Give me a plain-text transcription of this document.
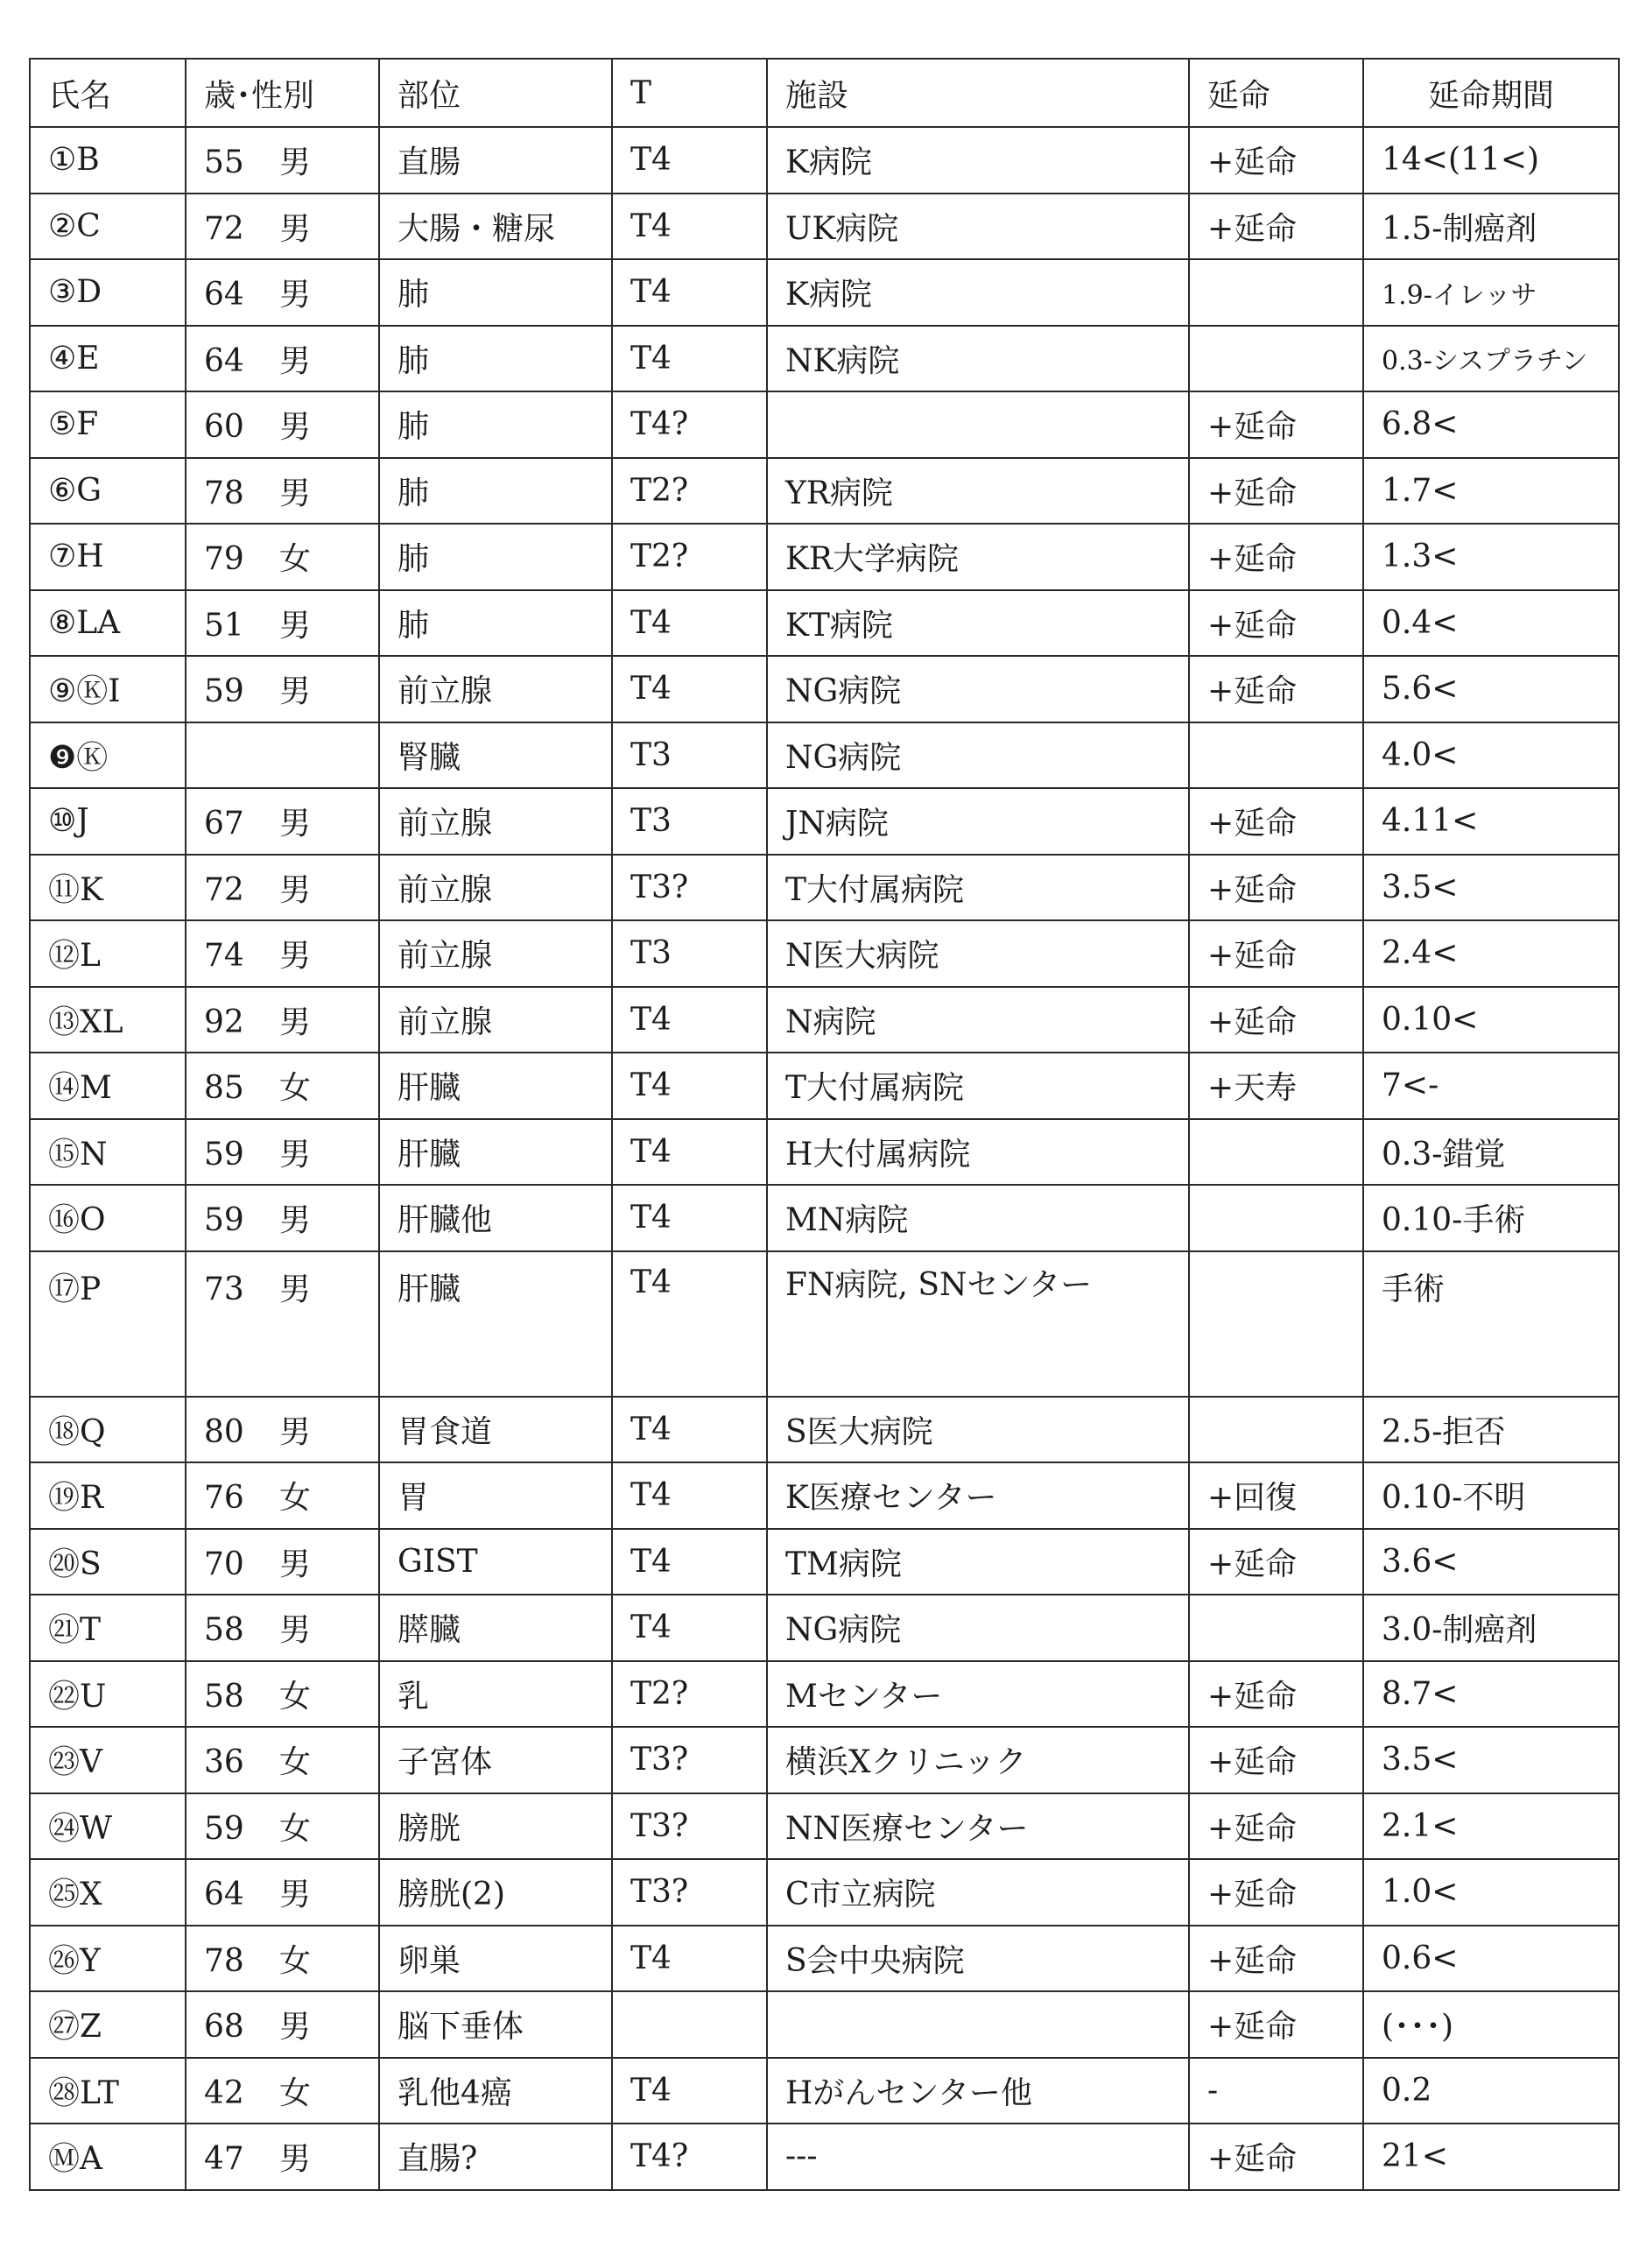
氏名	歳･性別	部位	T	施設	延命	延命期間
①B	55 男	直腸	T4	K病院	+延命	14<(11<)
②C	72 男	大腸・糖尿	T4	UK病院	+延命	1.5-制癌剤
③D	64 男	肺	T4	K病院		1.9-イレッサ
④E	64 男	肺	T4	NK病院		0.3-シスプラチン
⑤F	60 男	肺	T4?		+延命	6.8<
⑥G	78 男	肺	T2?	YR病院	+延命	1.7<
⑦H	79 女	肺	T2?	KR大学病院	+延命	1.3<
⑧LA	51 男	肺	T4	KT病院	+延命	0.4<
⑨ⓀI	59 男	前立腺	T4	NG病院	+延命	5.6<
❾Ⓚ		腎臓	T3	NG病院		4.0<
⑩J	67 男	前立腺	T3	JN病院	+延命	4.11<
⑪K	72 男	前立腺	T3?	T大付属病院	+延命	3.5<
⑫L	74 男	前立腺	T3	N医大病院	+延命	2.4<
⑬XL	92 男	前立腺	T4	N病院	+延命	0.10<
⑭M	85 女	肝臓	T4	T大付属病院	+天寿	7<-
⑮N	59 男	肝臓	T4	H大付属病院		0.3-錯覚
⑯O	59 男	肝臓他	T4	MN病院		0.10-手術
⑰P	73 男	肝臓	T4	FN病院, SNセンター		手術
⑱Q	80 男	胃食道	T4	S医大病院		2.5-拒否
⑲R	76 女	胃	T4	K医療センター	+回復	0.10-不明
⑳S	70 男	GIST	T4	TM病院	+延命	3.6<
㉑T	58 男	膵臓	T4	NG病院		3.0-制癌剤
㉒U	58 女	乳	T2?	Mセンター	+延命	8.7<
㉓V	36 女	子宮体	T3?	横浜Xクリニック	+延命	3.5<
㉔W	59 女	膀胱	T3?	NN医療センター	+延命	2.1<
㉕X	64 男	膀胱(2)	T3?	C市立病院	+延命	1.0<
㉖Y	78 女	卵巣	T4	S会中央病院	+延命	0.6<
㉗Z	68 男	脳下垂体			+延命	(･･･)
㉘LT	42 女	乳他4癌	T4	Hがんセンター他	-	0.2
ⓂA	47 男	直腸?	T4?	---	+延命	21<
